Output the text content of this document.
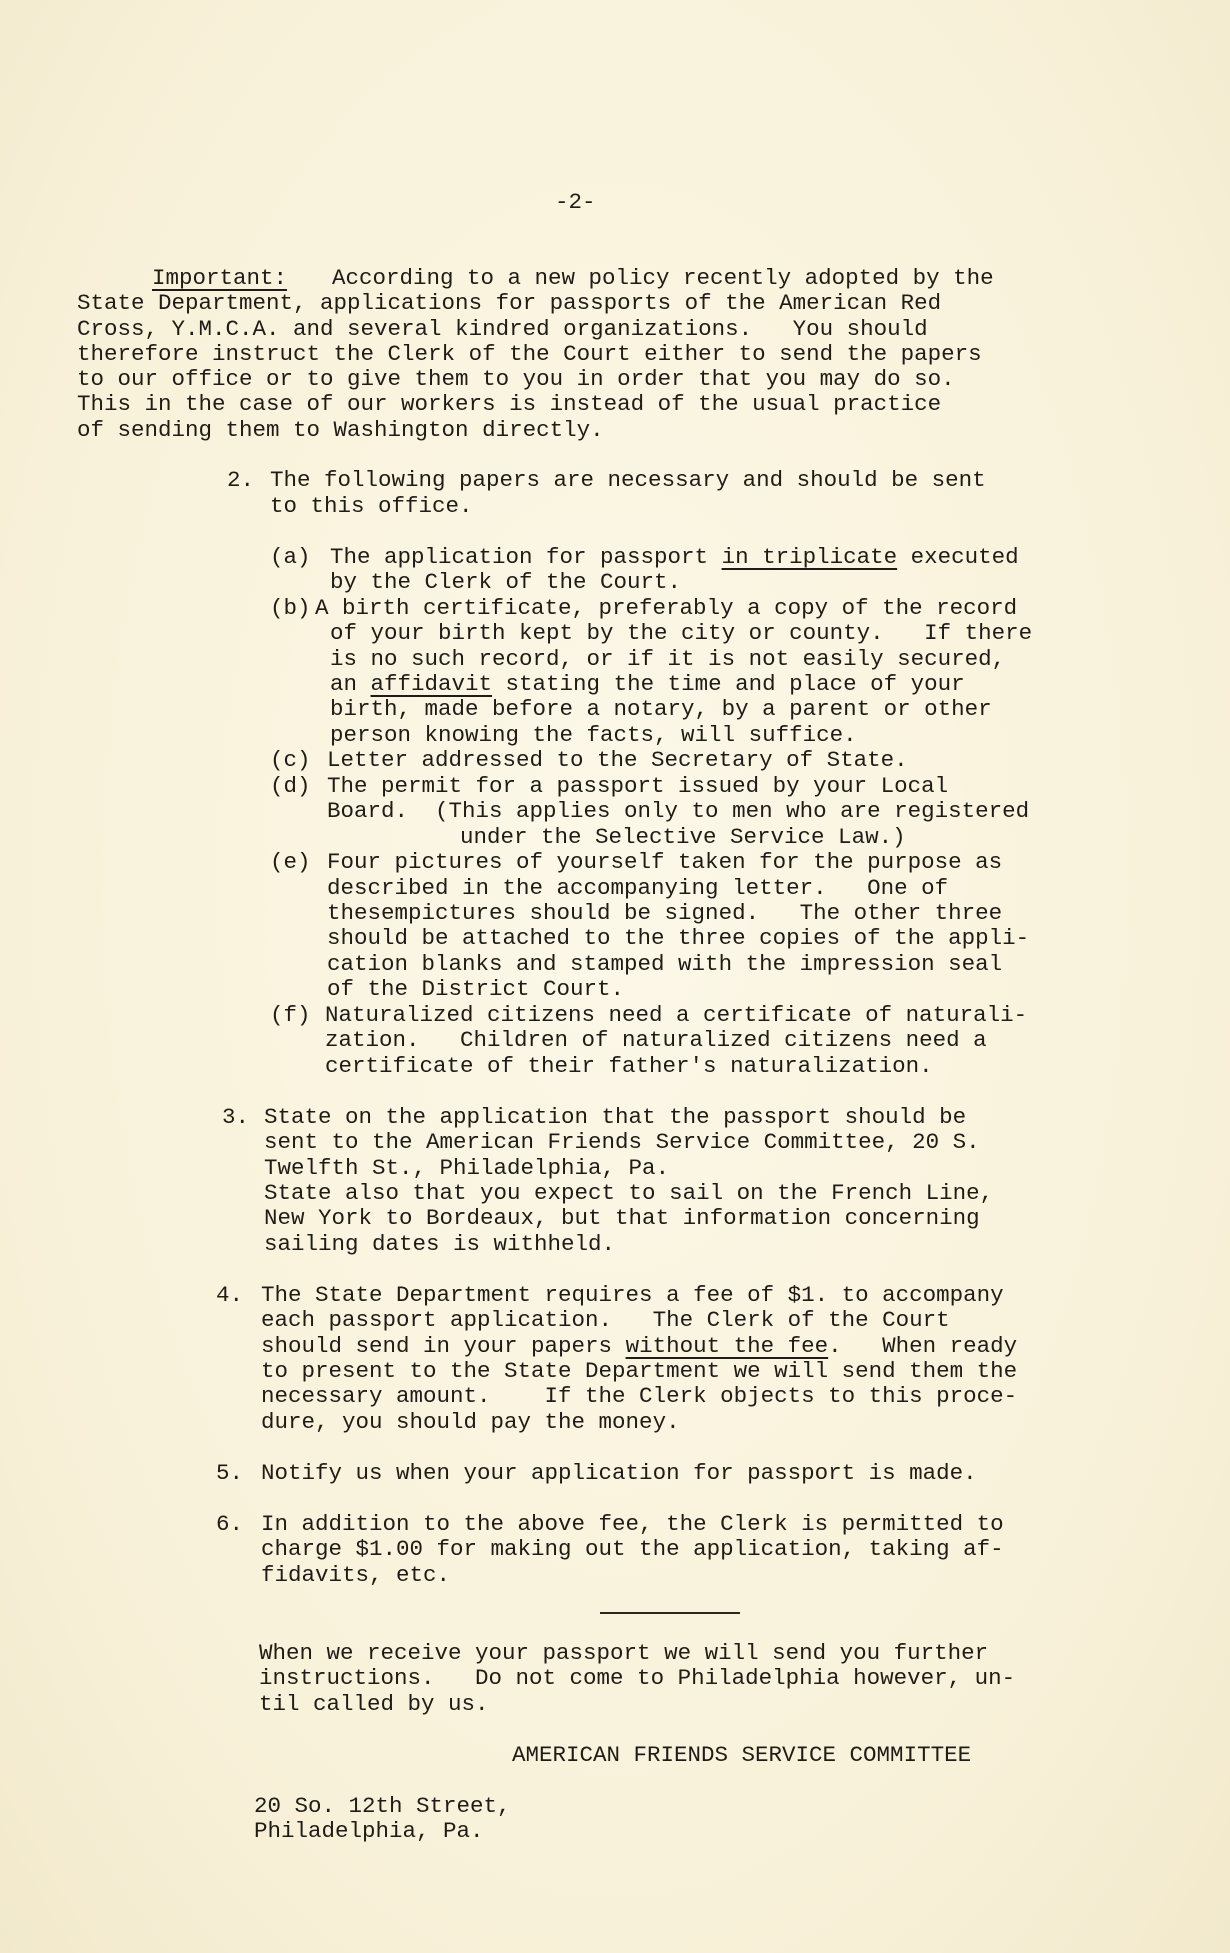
-2-
Important: According to a new policy recently adopted by the
State Department, applications for passports of the American Red
Cross, Y.M.C.A. and several kindred organizations.   You should
therefore instruct the Clerk of the Court either to send the papers
to our office or to give them to you in order that you may do so.
This in the case of our workers is instead of the usual practice
of sending them to Washington directly.
2. The following papers are necessary and should be sent
to this office.
(a) The application for passport in triplicate executed
by the Clerk of the Court.
(b) A birth certificate, preferably a copy of the record
of your birth kept by the city or county.   If there
is no such record, or if it is not easily secured,
an affidavit stating the time and place of your
birth, made before a notary, by a parent or other
person knowing the facts, will suffice.
(c) Letter addressed to the Secretary of State.
(d) The permit for a passport issued by your Local
Board.  (This applies only to men who are registered
under the Selective Service Law.)
(e) Four pictures of yourself taken for the purpose as
described in the accompanying letter.   One of
thesempictures should be signed.   The other three
should be attached to the three copies of the appli-
cation blanks and stamped with the impression seal
of the District Court.
(f) Naturalized citizens need a certificate of naturali-
zation.   Children of naturalized citizens need a
certificate of their father's naturalization.
3. State on the application that the passport should be
sent to the American Friends Service Committee, 20 S.
Twelfth St., Philadelphia, Pa.
State also that you expect to sail on the French Line,
New York to Bordeaux, but that information concerning
sailing dates is withheld.
4. The State Department requires a fee of $1. to accompany
each passport application.   The Clerk of the Court
should send in your papers without the fee.   When ready
to present to the State Department we will send them the
necessary amount.    If the Clerk objects to this proce-
dure, you should pay the money.
5. Notify us when your application for passport is made.
6. In addition to the above fee, the Clerk is permitted to
charge $1.00 for making out the application, taking af-
fidavits, etc.
When we receive your passport we will send you further
instructions.   Do not come to Philadelphia however, un-
til called by us.
AMERICAN FRIENDS SERVICE COMMITTEE
20 So. 12th Street,
Philadelphia, Pa.
